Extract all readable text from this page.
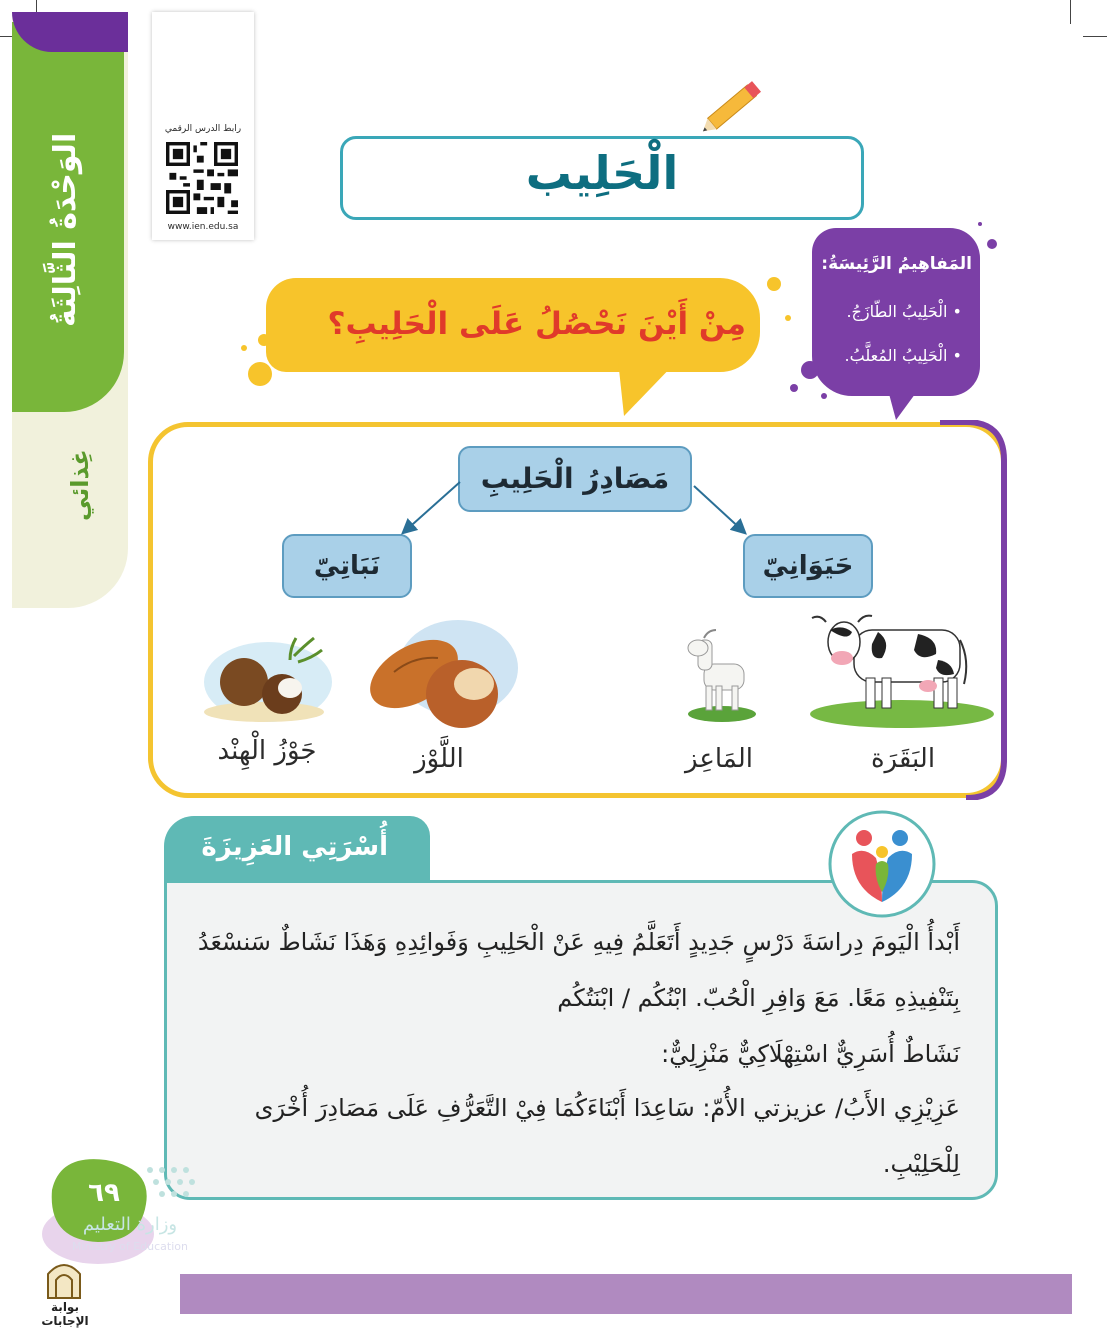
الوَحْدَةُ الثَّالِثَةُ
غِذائي
رابط الدرس الرقمي
www.ien.edu.sa
الْحَلِيب
المَفاهِيمُ الرَّئِيسَةُ:
• الْحَلِيبُ الطّازَجُ.
• الْحَلِيبُ المُعلَّبُ.
مِنْ أَيْنَ نَحْصُلُ عَلَى الْحَلِيبِ؟
مَصَادِرُ الْحَلِيبِ
حَيَوَانِيّ
نَبَاتِيّ
البَقَرَة
المَاعِز
اللَّوْز
جَوْزُ الْهِنْد
أُسْرَتِي العَزِيزَةَ
أَبْدأُ الْيَومَ دِراسَةَ دَرْسٍ جَدِيدٍ أَتَعَلَّمُ فِيهِ عَنْ الْحَلِيبِ وَفَوائِدِهِ وَهَذَا نَشَاطٌ سَنسْعَدُ
بِتَنْفِيذِهِ مَعًا. مَعَ وَافِرِ الْحُبّ. ابْنُكُم / ابْنَتُكُم
نَشَاطٌ أُسَرِيٌّ اسْتِهْلَاكِيٌّ مَنْزِلِيٌّ:
عَزِيْزِي الأَبُ/ عزيزتي الأُمّ: سَاعِدَا أَبْنَاءَكُمَا فِيْ التَّعَرُّفِ عَلَى مَصَادِرَ أُخْرَى
لِلْحَلِيْبِ.
٦٩
وزارة التعليم
Ministry of Education
بوابة الإجابات
